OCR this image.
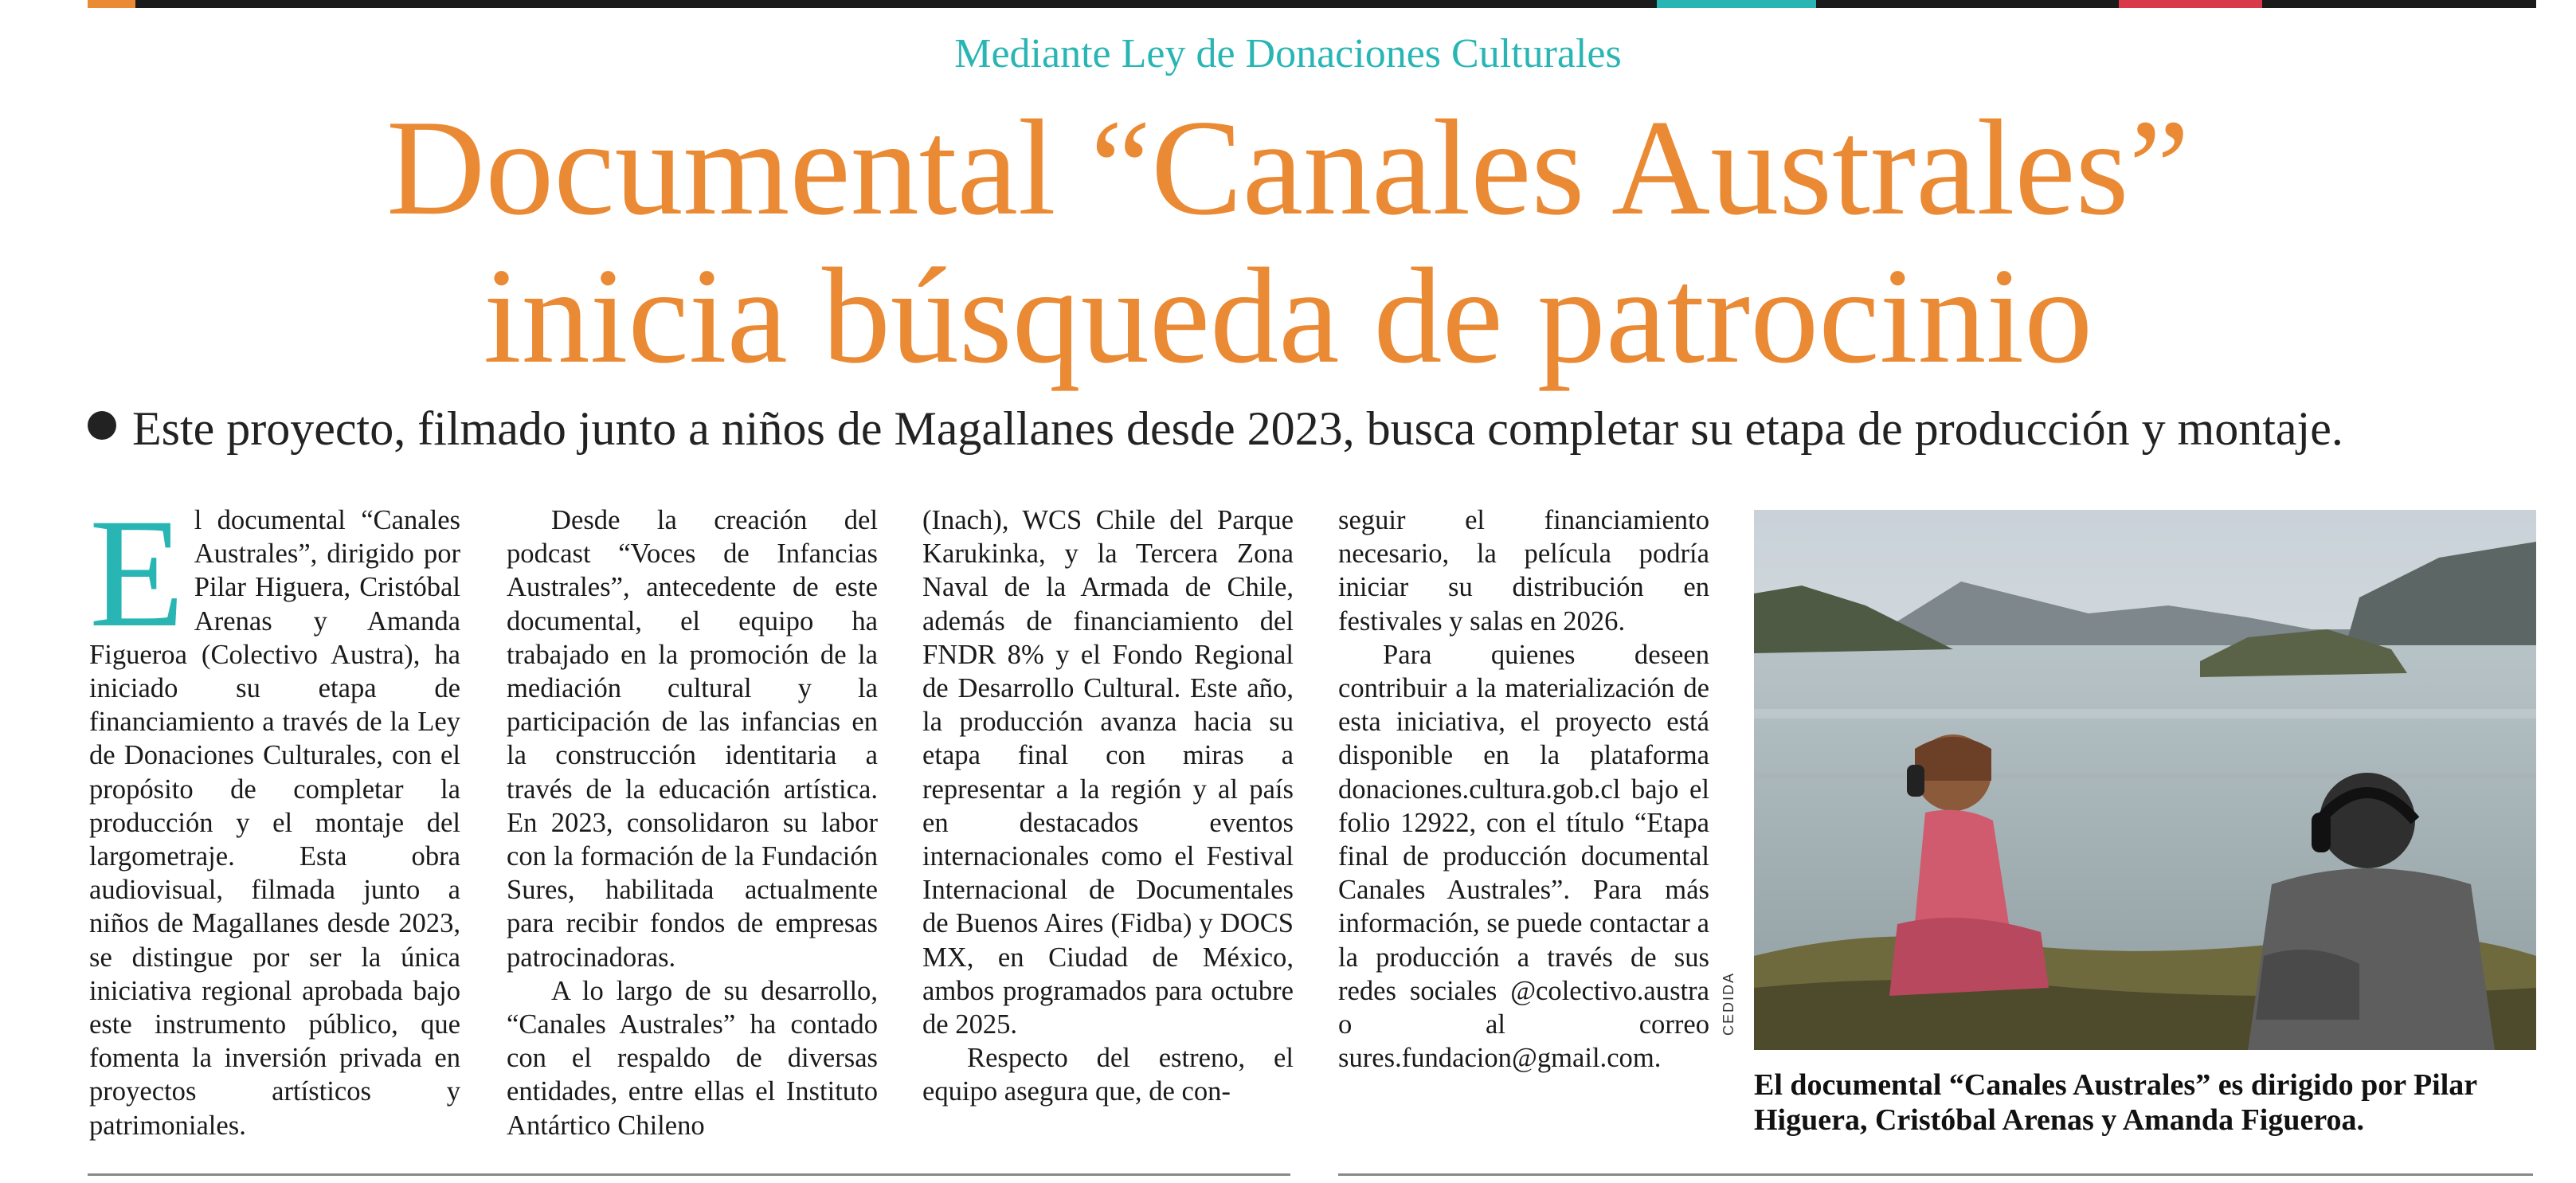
Mediante Ley de Donaciones Culturales
Documental “Canales Australes”
inicia búsqueda de patrocinio
Este proyecto, filmado junto a niños de Magallanes desde 2023, busca completar su etapa de producción y montaje.

El documental “Canales Australes”, dirigido por Pilar Higuera, Cristóbal Arenas y Amanda Figueroa (Colectivo Austra), ha iniciado su etapa de financiamiento a través de la Ley de Donaciones Culturales, con el propósito de completar la producción y el montaje del largometraje. Esta obra audiovisual, filmada junto a niños de Magallanes desde 2023, se distingue por ser la única iniciativa regional aprobada bajo este instrumento público, que fomenta la inversión privada en proyectos artísticos y patrimoniales.

Desde la creación del podcast “Voces de Infancias Australes”, antecedente de este documental, el equipo ha trabajado en la promoción de la mediación cultural y la participación de las infancias en la construcción identitaria a través de la educación artística. En 2023, consolidaron su labor con la formación de la Fundación Sures, habilitada actualmente para recibir fondos de empresas patrocinadoras.

A lo largo de su desarrollo, “Canales Australes” ha contado con el respaldo de diversas entidades, entre ellas el Instituto Antártico Chileno

(Inach), WCS Chile del Parque Karukinka, y la Tercera Zona Naval de la Armada de Chile, además de financiamiento del FNDR 8% y el Fondo Regional de Desarrollo Cultural. Este año, la producción avanza hacia su etapa final con miras a representar a la región y al país en destacados eventos internacionales como el Festival Internacional de Documentales de Buenos Aires (Fidba) y DOCS MX, en Ciudad de México, ambos programados para octubre de 2025.

Respecto del estreno, el equipo asegura que, de con-

seguir el financiamiento necesario, la película podría iniciar su distribución en festivales y salas en 2026.

Para quienes deseen contribuir a la materialización de esta iniciativa, el proyecto está disponible en la plataforma donaciones.cultura.gob.cl bajo el folio 12922, con el título “Etapa final de producción documental Canales Australes”. Para más información, se puede contactar a la producción a través de sus redes sociales @colectivo.austra o al correo sures.fundacion@gmail.com.

CEDIDA
El documental “Canales Australes” es dirigido por Pilar Higuera, Cristóbal Arenas y Amanda Figueroa.
